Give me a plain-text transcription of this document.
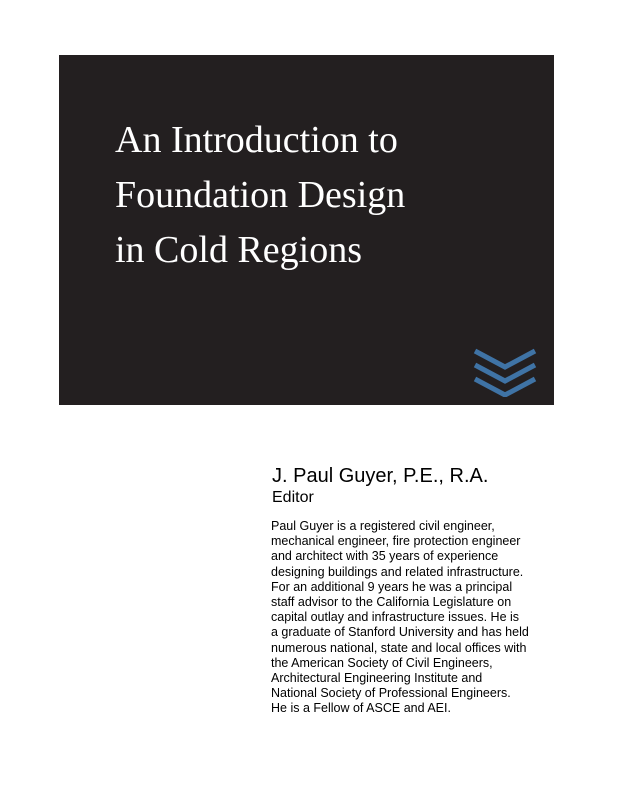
An Introduction to
Foundation Design
in Cold Regions

J. Paul Guyer, P.E., R.A.

Editor

Paul Guyer is a registered civil engineer,
mechanical engineer, fire protection engineer
and architect with 35 years of experience
designing buildings and related infrastructure.
For an additional 9 years he was a principal
staff advisor to the California Legislature on
capital outlay and infrastructure issues. He is
a graduate of Stanford University and has held
numerous national, state and local offices with
the American Society of Civil Engineers,
Architectural Engineering Institute and
National Society of Professional Engineers.
He is a Fellow of ASCE and AEI.
